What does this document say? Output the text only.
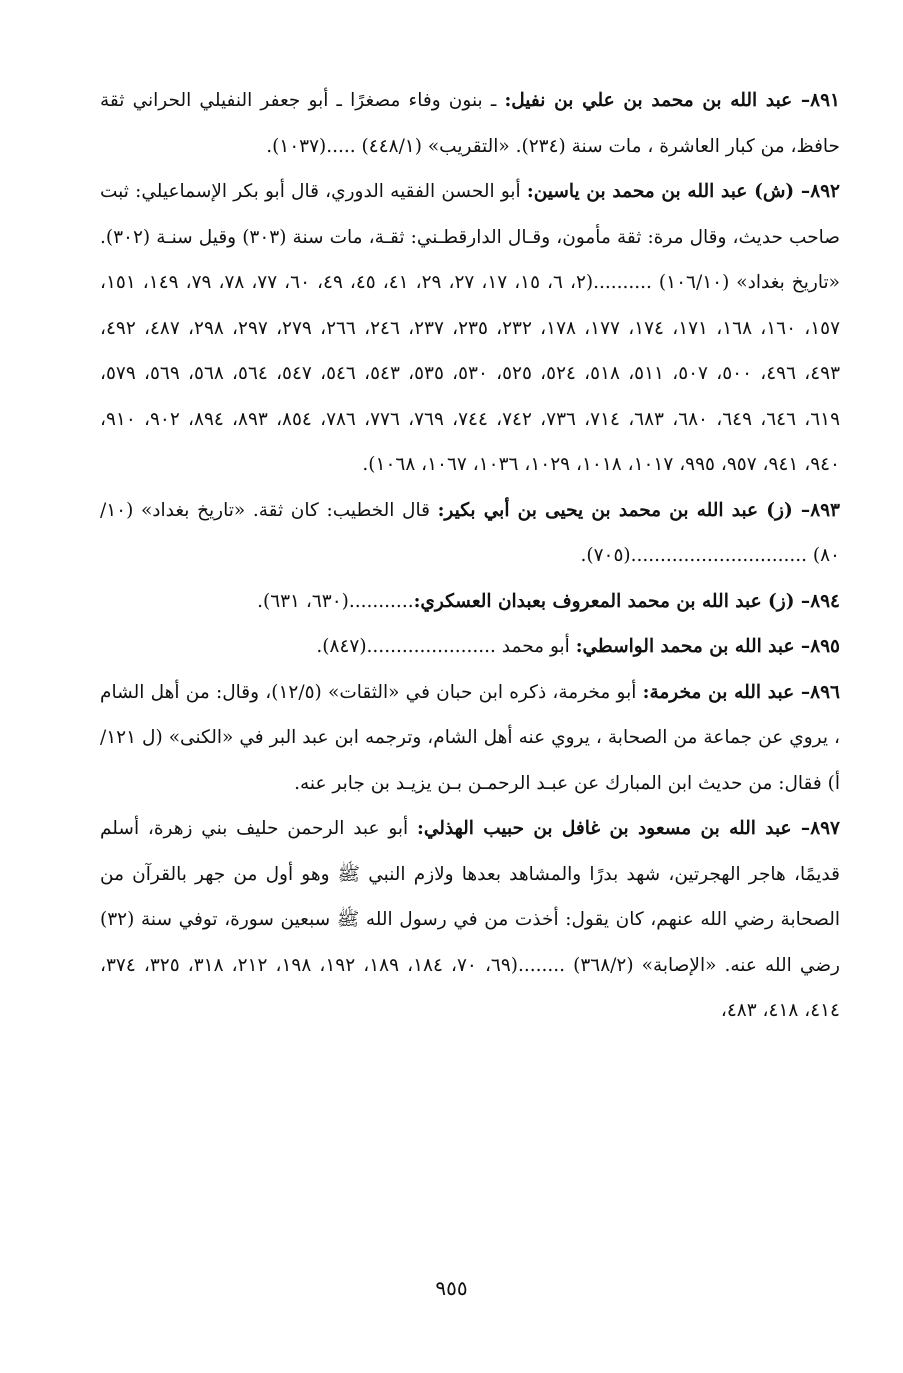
٨٩١– عبد الله بن محمد بن علي بن نفيل: ـ بنون وفاء مصغرًا ـ أبو جعفر النفيلي الحراني ثقة حافظ، من كبار العاشرة ، مات سنة (٢٣٤). «التقريب» (٤٤٨/١) .....(١٠٣٧).

٨٩٢– (ش) عبد الله بن محمد بن ياسين: أبو الحسن الفقيه الدوري، قال أبو بكر الإسماعيلي: ثبت صاحب حديث، وقال مرة: ثقة مأمون، وقـال الدارقطـني: ثقـة، مات سنة (٣٠٣) وقيل سنـة (٣٠٢). «تاريخ بغداد» (١٠٦/١٠) ..........(٢، ٦، ١٥، ١٧، ٢٧، ٢٩، ٤١، ٤٥، ٤٩، ٦٠، ٧٧، ٧٨، ٧٩، ١٤٩، ١٥١، ١٥٧، ١٦٠، ١٦٨، ١٧١، ١٧٤، ١٧٧، ١٧٨، ٢٣٢، ٢٣٥، ٢٣٧، ٢٤٦، ٢٦٦، ٢٧٩، ٢٩٧، ٢٩٨، ٤٨٧، ٤٩٢، ٤٩٣، ٤٩٦، ٥٠٠، ٥٠٧، ٥١١، ٥١٨، ٥٢٤، ٥٢٥، ٥٣٠، ٥٣٥، ٥٤٣، ٥٤٦، ٥٤٧، ٥٦٤، ٥٦٨، ٥٦٩، ٥٧٩، ٦١٩، ٦٤٦، ٦٤٩، ٦٨٠، ٦٨٣، ٧١٤، ٧٣٦، ٧٤٢، ٧٤٤، ٧٦٩، ٧٧٦، ٧٨٦، ٨٥٤، ٨٩٣، ٨٩٤، ٩٠٢، ٩١٠، ٩٤٠، ٩٤١، ٩٥٧، ٩٩٥، ١٠١٧، ١٠١٨، ١٠٢٩، ١٠٣٦، ١٠٦٧، ١٠٦٨).

٨٩٣– (ز) عبد الله بن محمد بن يحيى بن أبي بكير: قال الخطيب: كان ثقة. «تاريخ بغداد» (١٠/ ٨٠) ..............................(٧٠٥).

٨٩٤– (ز) عبد الله بن محمد المعروف بعبدان العسكري:...........(٦٣٠، ٦٣١).

٨٩٥– عبد الله بن محمد الواسطي: أبو محمد ......................(٨٤٧).

٨٩٦– عبد الله بن مخرمة: أبو مخرمة، ذكره ابن حبان في «الثقات» (١٢/٥)، وقال: من أهل الشام ، يروي عن جماعة من الصحابة ، يروي عنه أهل الشام، وترجمه ابن عبد البر في «الكنى» (ل ١٢١/ أ) فقال: من حديث ابن المبارك عن عبـد الرحمـن بـن يزيـد بن جابر عنه.

٨٩٧– عبد الله بن مسعود بن غافل بن حبيب الهذلي: أبو عبد الرحمن حليف بني زهرة، أسلم قديمًا، هاجر الهجرتين، شهد بدرًا والمشاهد بعدها ولازم النبي ﷺ وهو أول من جهر بالقرآن من الصحابة رضي الله عنهم، كان يقول: أخذت من في رسول الله ﷺ سبعين سورة، توفي سنة (٣٢) رضي الله عنه. «الإصابة» (٣٦٨/٢) ........(٦٩، ٧٠، ١٨٤، ١٨٩، ١٩٢، ١٩٨، ٢١٢، ٣١٨، ٣٢٥، ٣٧٤، ٤١٤، ٤١٨، ٤٨٣،

٩٥٥
